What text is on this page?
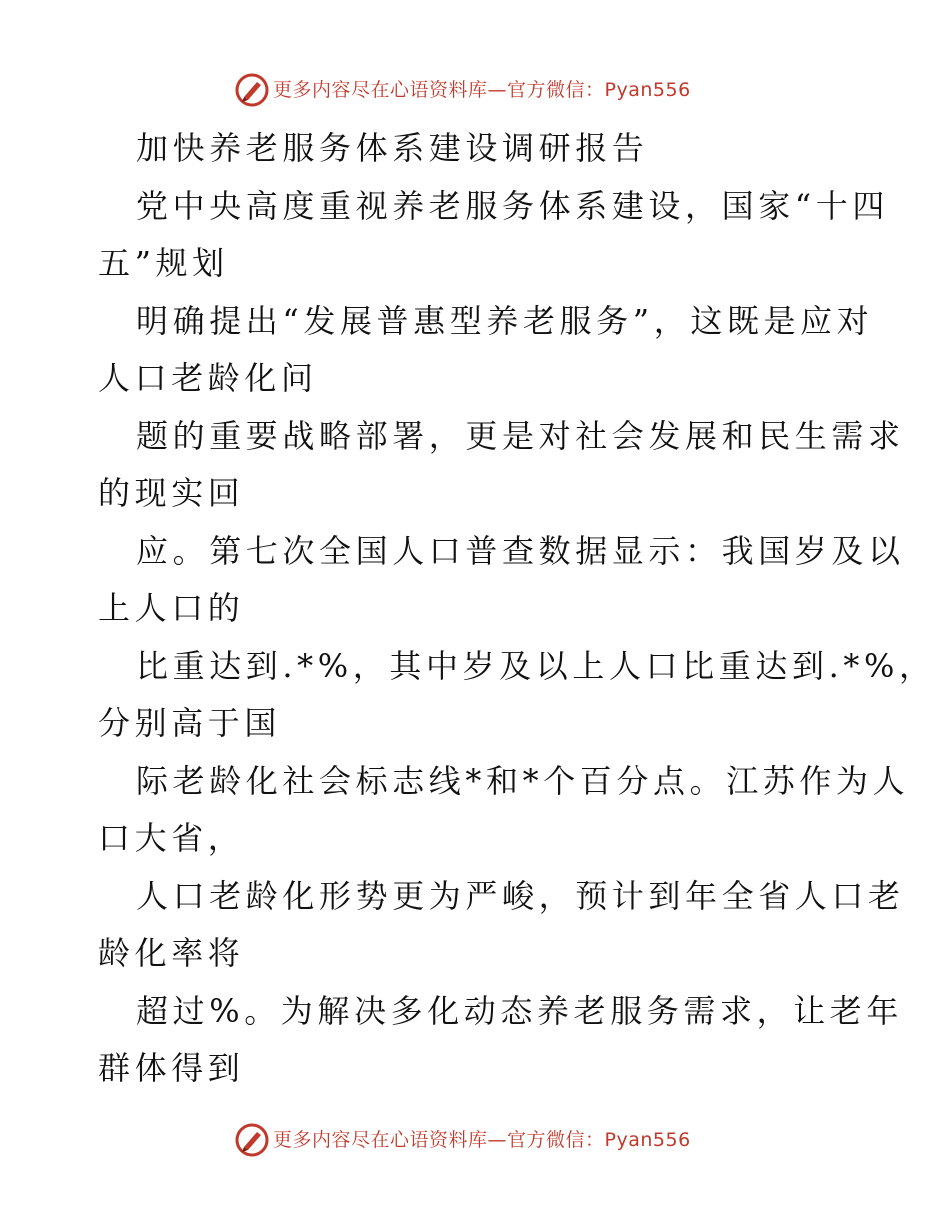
更多内容尽在心语资料库—官方微信：Pyan556
加快养老服务体系建设调研报告
党中央高度重视养老服务体系建设，国家“十四
五”规划
明确提出“发展普惠型养老服务”，这既是应对
人口老龄化问
题的重要战略部署，更是对社会发展和民生需求
的现实回
应。第七次全国人口普查数据显示：我国岁及以
上人口的
比重达到.*%，其中岁及以上人口比重达到.*%，
分别高于国
际老龄化社会标志线*和*个百分点。江苏作为人
口大省，
人口老龄化形势更为严峻，预计到年全省人口老
龄化率将
超过%。为解决多化动态养老服务需求，让老年
群体得到
更多内容尽在心语资料库—官方微信：Pyan556
